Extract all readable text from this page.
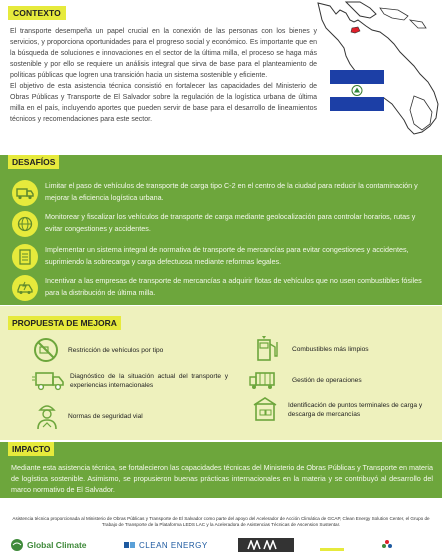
CONTEXTO

El transporte desempeña un papel crucial en la conexión de las personas con los bienes y servicios, y proporciona oportunidades para el progreso social y económico. Es importante que en la búsqueda de soluciones e innovaciones en el sector de la última milla, el proceso se haga más sostenible y por ello se requiere un análisis integral que sirva de base para el planteamiento de políticas públicas que logren una transición hacia un sistema sostenible y eficiente.

El objetivo de esta asistencia técnica consistió en fortalecer las capacidades del Ministerio de Obras Públicas y Transporte de El Salvador sobre la regulación de la logística urbana de última milla en el país, incluyendo aportes que pueden servir de base para el desarrollo de lineamientos técnicos y recomendaciones para este sector.

DESAFÍOS
Limitar el paso de vehículos de transporte de carga tipo C-2 en el centro de la ciudad para reducir la contaminación y mejorar la eficiencia logística urbana.
Monitorear y fiscalizar los vehículos de transporte de carga mediante geolocalización para controlar horarios, rutas y evitar congestiones y accidentes.
Implementar un sistema integral de normativa de transporte de mercancías para evitar congestiones y accidentes, suprimiendo la sobrecarga y carga defectuosa mediante reformas legales.
Incentivar a las empresas de transporte de mercancías a adquirir flotas de vehículos que no usen combustibles fósiles para la distribución de última milla.
PROPUESTA DE MEJORA
Restricción de vehículos por tipo	Combustibles más limpios
Diagnóstico de la situación actual del transporte y experiencias internacionales
Gestión de operaciones
Normas de seguridad vial
Identificación de puntos terminales de carga y descarga de mercancías
IMPACTO
Mediante esta asistencia técnica, se fortalecieron las capacidades técnicas del Ministerio de Obras Públicas y Transporte en materia de logística sostenible. Asimismo, se propusieron buenas prácticas internacionales en la materia y se contribuyó al desarrollo del marco normativo de El Salvador.
Asistencia técnica proporcionada al Ministerio de Obras Públicas y Transporte de El Salvador como parte del apoyo del Acelerador de Acción Climática de GCAP, Clean Energy Solution Center, el Grupo de Trabajo de Transporte de la Plataforma LEDS LAC y la Aceleradora de Asistencias Técnicas de Ascension Sustentar.
Global Climate	CLEAN ENERGY
